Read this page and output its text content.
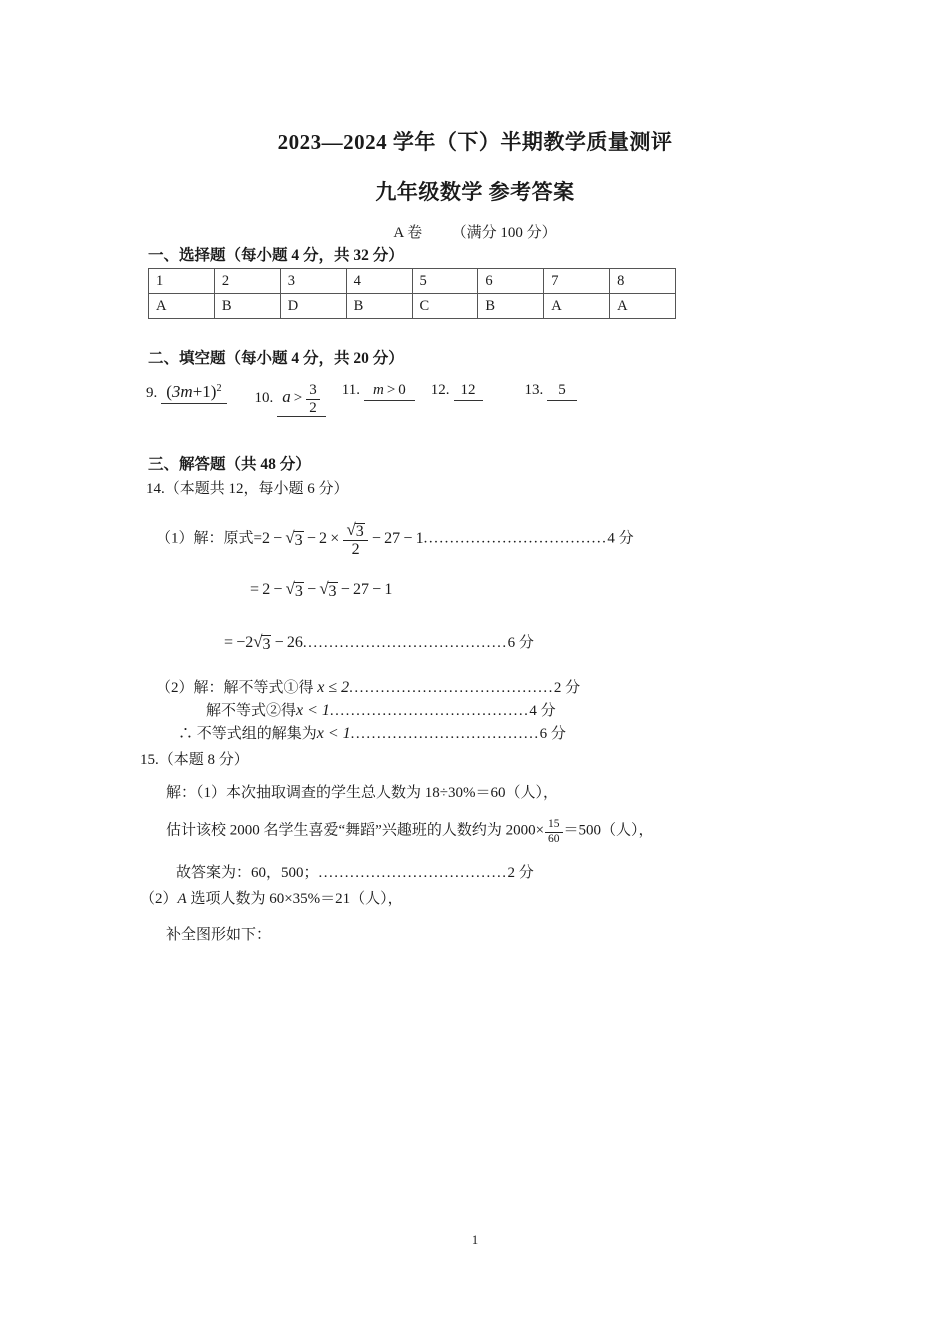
2023—2024 学年（下）半期教学质量测评
九年级数学 参考答案
A 卷 （满分 100 分）
一、选择题（每小题 4 分，共 32 分）
1	2	3	4	5	6	7	8
A	B	D	B	C	B	A	A
二、填空题（每小题 4 分，共 20 分）
9. $(3m+1)^2$
10. $a > \frac{3}{2} 11$. m > 0	12. 12	13.	5
三、解答题（共 48 分）
14.（本题共 12，每小题 6 分）
（1）解：原式=2 −  √ $3 - 2 \times \frac{√ 3}{2} - 27 - 1...................................4$ 分
= 2 −  √ 3  −  √ 3  − 27 − 1
= −2 √ 3  − 26.......................................6 分
（2）解：解不等式①得 x ≤ 2.......................................2 分
解不等式②得x < 1......................................4 分
∴ 不等式组的解集为x < 1....................................6 分
15.（本题 8 分）
解：（1）本次抽取调查的学生总人数为 18÷30%＝60（人），
估计该校 2000 名学生喜爱“舞蹈”兴趣班的人数约为 $2000\times \frac{15}{60} =500$（人），
故答案为：60，500；....................................2 分
（2）A 选项人数为 60×35%＝21（人），
补全图形如下：
1
